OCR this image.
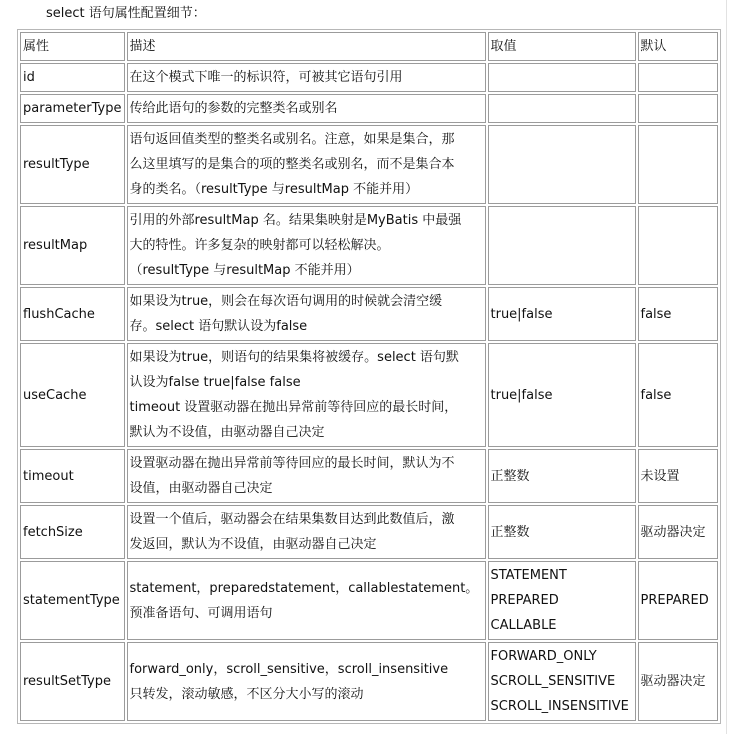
select 语句属性配置细节：
属性	描述	取值	默认
id	在这个模式下唯一的标识符，可被其它语句引用		

parameterType	传给此语句的参数的完整类名或别名		

resultType	语句返回值类型的整类名或别名。注意，如果是集合，那
么这里填写的是集合的项的整类名或别名，而不是集合本
身的类名。（resultType 与resultMap 不能并用）		

resultMap	引用的外部resultMap 名。结果集映射是MyBatis 中最强
大的特性。许多复杂的映射都可以轻松解决。
（resultType 与resultMap 不能并用）		

flushCache	如果设为true，则会在每次语句调用的时候就会清空缓
存。select 语句默认设为false	true|false	false
useCache	如果设为true，则语句的结果集将被缓存。select 语句默
认设为false true|false false
timeout 设置驱动器在抛出异常前等待回应的最长时间，
默认为不设值，由驱动器自己决定	true|false	false
timeout	设置驱动器在抛出异常前等待回应的最长时间，默认为不
设值，由驱动器自己决定	正整数	未设置
fetchSize	设置一个值后，驱动器会在结果集数目达到此数值后，激
发返回，默认为不设值，由驱动器自己决定	正整数	驱动器决定
statementType	statement，preparedstatement，callablestatement。
预准备语句、可调用语句	STATEMENT
PREPARED
CALLABLE	PREPARED
resultSetType	forward_only，scroll_sensitive，scroll_insensitive
只转发，滚动敏感，不区分大小写的滚动	FORWARD_ONLY
SCROLL_SENSITIVE
SCROLL_INSENSITIVE	驱动器决定
